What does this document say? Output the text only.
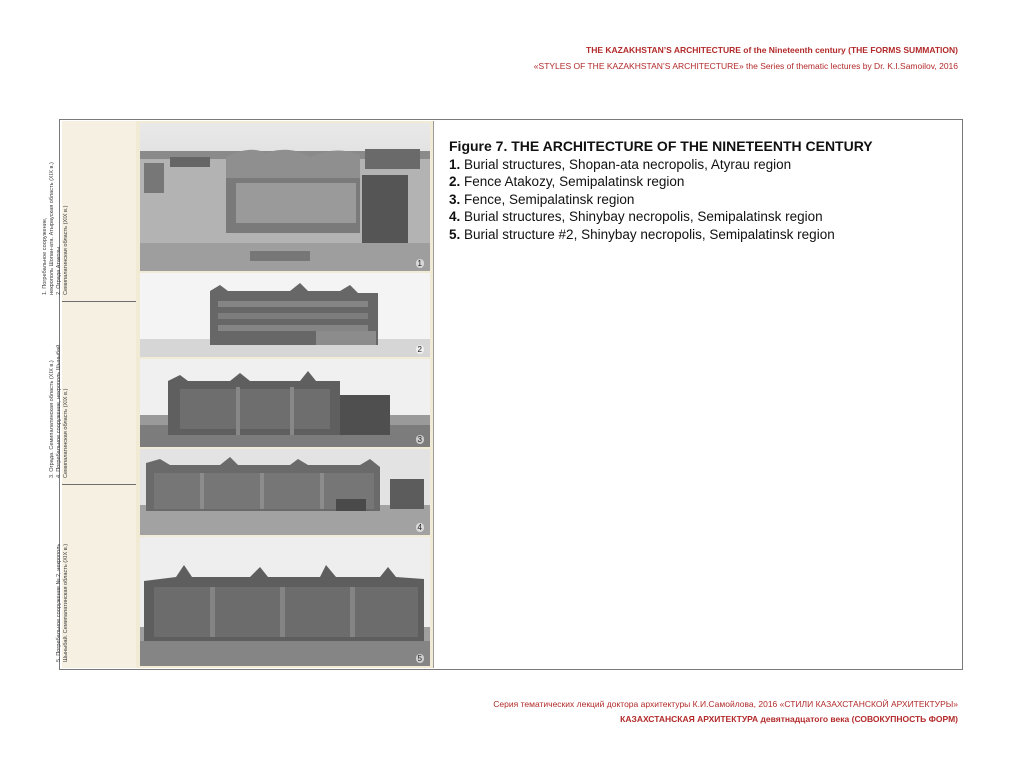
THE KAZAKHSTAN’S ARCHITECTURE of the Nineteenth century (THE FORMS SUMMATION)
«STYLES OF THE KAZAKHSTAN’S ARCHITECTURE» the Series of thematic lectures by Dr. K.I.Samoilov, 2016
1. Погребальное сооружение,
некрополь Шопан-ата. Атырауская область (XIX в.)
2. Ограда Атакозы.
Семипалатинская область (XIX в.)
3. Ограда. Семипалатинская область (XIX в.)
4. Погребальное сооружение, некрополь Шыныбай.
Семипалатинская область (XIX в.)
5. Погребальное сооружение № 2, некрополь
Шыныбай. Семипалатинская область (XIX в.)
1
2
3
4
5
Figure 7. THE ARCHITECTURE OF THE NINETEENTH CENTURY
1. Burial structures, Shopan-ata necropolis, Atyrau region
2. Fence Atakozy, Semipalatinsk region
3. Fence, Semipalatinsk region
4. Burial structures, Shinybay necropolis, Semipalatinsk region
5. Burial structure #2, Shinybay necropolis, Semipalatinsk region
Серия тематических лекций доктора архитектуры К.И.Самойлова, 2016 «СТИЛИ КАЗАХСТАНСКОЙ АРХИТЕКТУРЫ»
КАЗАХСТАНСКАЯ АРХИТЕКТУРА девятнадцатого века (СОВОКУПНОСТЬ ФОРМ)
